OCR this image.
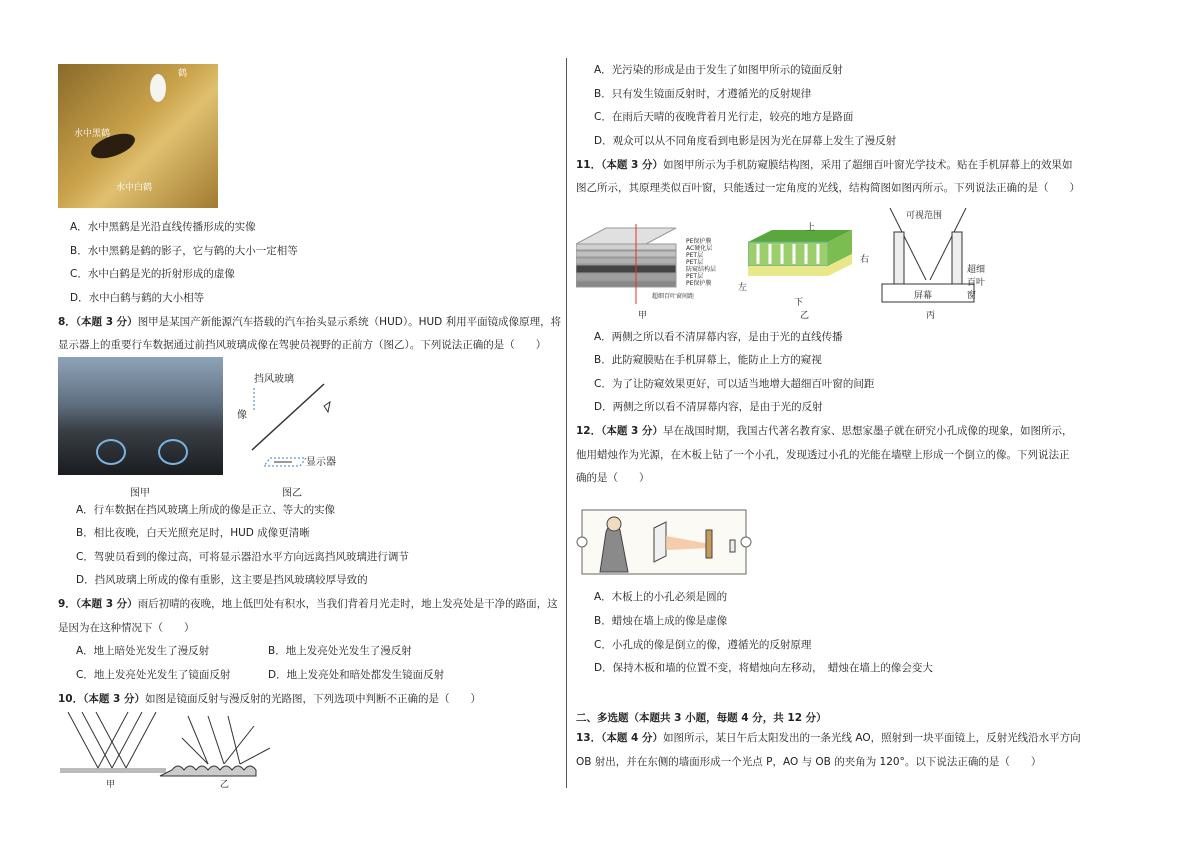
鹤
水中黑鹤
水中白鹤
A．水中黑鹤是光沿直线传播形成的实像
B．水中黑鹤是鹤的影子，它与鹤的大小一定相等
C．水中白鹤是光的折射形成的虚像
D．水中白鹤与鹤的大小相等
8．（本题 3 分）图甲是某国产新能源汽车搭载的汽车抬头显示系统（HUD）。HUD 利用平面镜成像原理，将
显示器上的重要行车数据通过前挡风玻璃成像在驾驶员视野的正前方（图乙）。下列说法正确的是（　　）
图甲
挡风玻璃
像
显示器
图乙
A．行车数据在挡风玻璃上所成的像是正立、等大的实像
B．相比夜晚，白天光照充足时，HUD 成像更清晰
C．驾驶员看到的像过高，可将显示器沿水平方向远离挡风玻璃进行调节
D．挡风玻璃上所成的像有重影，这主要是挡风玻璃较厚导致的
9．（本题 3 分）雨后初晴的夜晚，地上低凹处有积水，当我们背着月光走时，地上发亮处是干净的路面，这
是因为在这种情况下（　　）
A．地上暗处光发生了漫反射	B．地上发亮处光发生了漫反射
C．地上发亮处光发生了镜面反射	D．地上发亮处和暗处都发生镜面反射
10．（本题 3 分）如图是镜面反射与漫反射的光路图，下列选项中判断不正确的是（　　）
甲	乙
A．光污染的形成是由于发生了如图甲所示的镜面反射
B．只有发生镜面反射时，才遵循光的反射规律
C．在雨后天晴的夜晚背着月光行走，较亮的地方是路面
D．观众可以从不同角度看到电影是因为光在屏幕上发生了漫反射
11．（本题 3 分）如图甲所示为手机防窥膜结构图，采用了超细百叶窗光学技术。贴在手机屏幕上的效果如
图乙所示，其原理类似百叶窗，只能透过一定角度的光线，结构简图如图丙所示。下列说法正确的是（　　）
PE保护膜
AC硬化层
PET层
PET层
防窥结构层
PET层
PE保护膜
超细百叶窗间距
甲
上
左
右
下
乙
可视范围
超细
百叶窗
屏幕
丙
A．两侧之所以看不清屏幕内容，是由于光的直线传播
B．此防窥膜贴在手机屏幕上，能防止上方的窥视
C．为了让防窥效果更好，可以适当地增大超细百叶窗的间距
D．两侧之所以看不清屏幕内容，是由于光的反射
12．（本题 3 分）早在战国时期，我国古代著名教育家、思想家墨子就在研究小孔成像的现象，如图所示，
他用蜡烛作为光源，在木板上钻了一个小孔，发现透过小孔的光能在墙壁上形成一个倒立的像。下列说法正
确的是（　　）
A．木板上的小孔必须是圆的
B．蜡烛在墙上成的像是虚像
C．小孔成的像是倒立的像，遵循光的反射原理
D．保持木板和墙的位置不变，将蜡烛向左移动，　蜡烛在墙上的像会变大
二、多选题（本题共 3 小题，每题 4 分，共 12 分）
13．（本题 4 分）如图所示，某日午后太阳发出的一条光线 AO，照射到一块平面镜上，反射光线沿水平方向
OB 射出，并在东侧的墙面形成一个光点 P，AO 与 OB 的夹角为 120°。以下说法正确的是（　　）
